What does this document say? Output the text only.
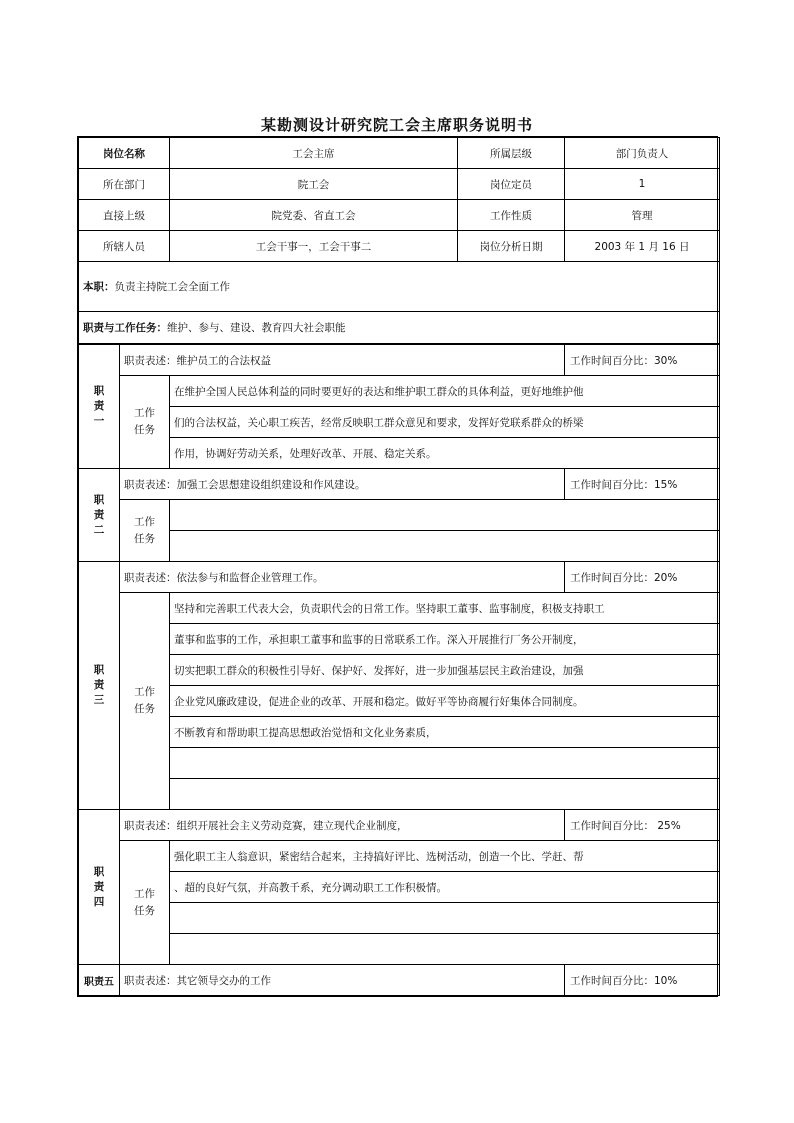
某勘测设计研究院工会主席职务说明书
岗位名称		工会主席	所属层级	部门负责人
所在部门		院工会	岗位定员	1
直接上级		院党委、省直工会	工作性质	管理
所辖人员		工会干事一，工会干事二	岗位分析日期	2003 年 1 月 16 日
本职：负责主持院工会全面工作				
职责与工作任务：维护、参与、建设、教育四大社会职能				

职
责
一	职责表述：维护员工的合法权益			工作时间百分比：30%

	工作
任务	在维护全国人民总体利益的同时要更好的表达和维护职工群众的具体利益，更好地维护他		
		们的合法权益，关心职工疾苦，经常反映职工群众意见和要求，发挥好党联系群众的桥梁		
		作用，协调好劳动关系，处理好改革、开展、稳定关系。		

职
责
二	职责表述：加强工会思想建设组织建设和作风建设。			工作时间百分比：15%

	工作
任务			

职
责
三	职责表述：依法参与和监督企业管理工作。			工作时间百分比：20%

	工作
任务	坚持和完善职工代表大会，负责职代会的日常工作。坚持职工董事、监事制度，积极支持职工		
		董事和监事的工作，承担职工董事和监事的日常联系工作。深入开展推行厂务公开制度，		
		切实把职工群众的积极性引导好、保护好、发挥好，进一步加强基层民主政治建设，加强		
		企业党风廉政建设，促进企业的改革、开展和稳定。做好平等协商履行好集体合同制度。		
		不断教育和帮助职工提高思想政治觉悟和文化业务素质，		

职
责
四	职责表述：组织开展社会主义劳动竞赛，建立现代企业制度，			工作时间百分比： 25%

	工作
任务	强化职工主人翁意识，紧密结合起来，主持搞好评比、选树活动，创造一个比、学赶、帮		
		、超的良好气氛，并高教千系，充分调动职工工作积极情。		

职责五	职责表述：其它领导交办的工作			工作时间百分比：10%
